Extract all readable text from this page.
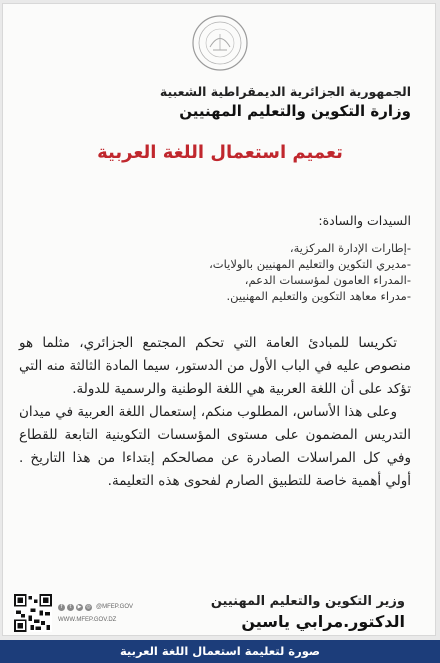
الجمهورية الجزائرية الديمقراطية الشعبية
وزارة التكوين والتعليم المهنيين
تعميم استعمال اللغة العربية
السيدات والسادة:
-إطارات الإدارة المركزية،
-مديري التكوين والتعليم المهنيين بالولايات،
-المدراء العامون لمؤسسات الدعم،
-مدراء معاهد التكوين والتعليم المهنيين.

تكريسا للمبادئ العامة التي تحكم المجتمع الجزائري، مثلما هو منصوص عليه في الباب الأول من الدستور، سيما المادة الثالثة منه التي تؤكد على أن اللغة العربية هي اللغة الوطنية والرسمية للدولة.

وعلى هذا الأساس، المطلوب منكم، إستعمال اللغة العربية في ميدان التدريس المضمون على مستوى المؤسسات التكوينية التابعة للقطاع وفي كل المراسلات الصادرة عن مصالحكم إبتداءا من هذا التاريخ . أولي أهمية خاصة للتطبيق الصارم لفحوى هذه التعليمة.

وزير التكوين والتعليم المهنيين
الدكتور.مرابي ياسين
f	t	▶ ◎ @MFEP.GOV
WWW.MFEP.GOV.DZ
صورة لتعليمة استعمال اللغة العربية
